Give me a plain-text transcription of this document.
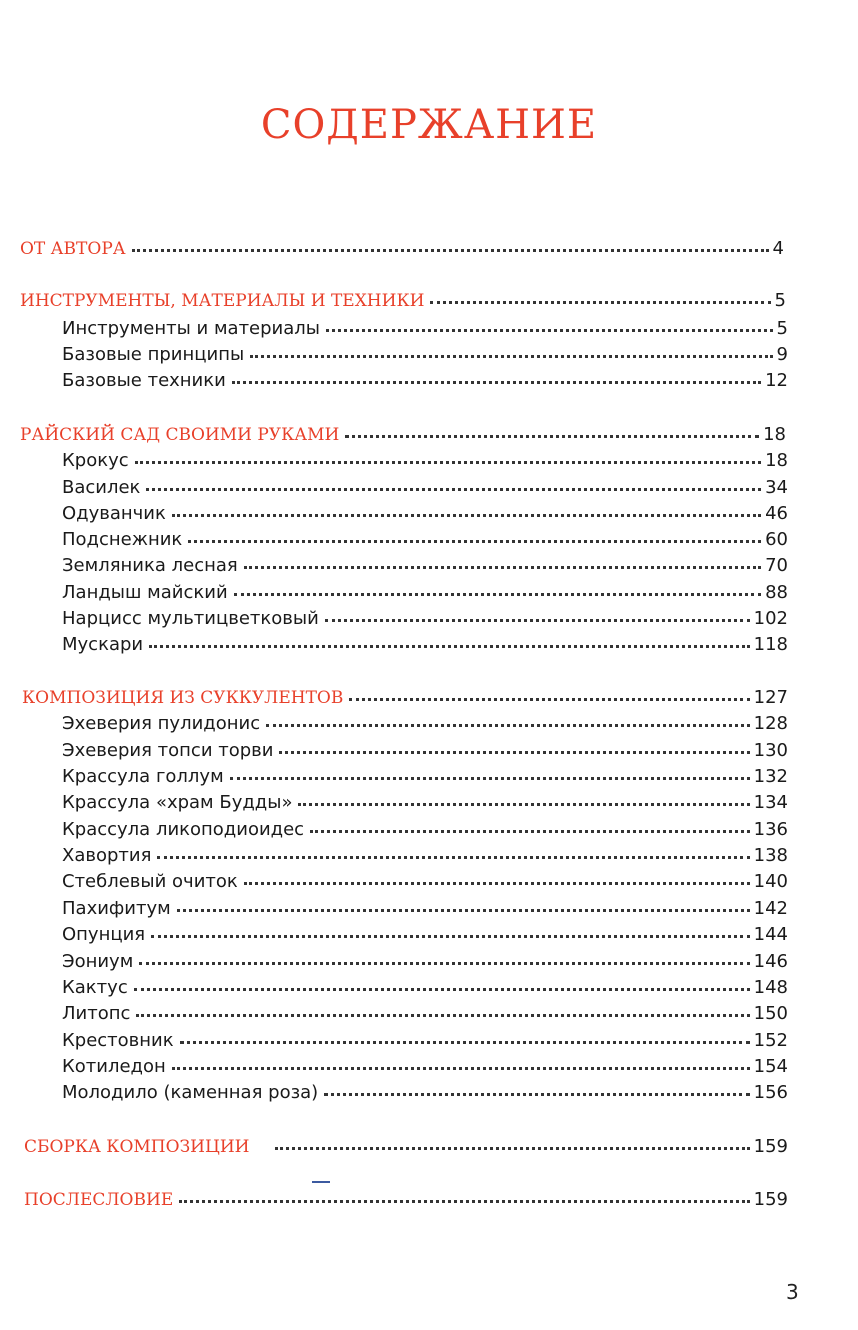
СОДЕРЖАНИЕ
ОТ АВТОРА	4
ИНСТРУМЕНТЫ, МАТЕРИАЛЫ И ТЕХНИКИ	5
Инструменты и материалы	5
Базовые принципы	9
Базовые техники	12
РАЙСКИЙ САД СВОИМИ РУКАМИ	18
Крокус	18
Василек	34
Одуванчик	46
Подснежник	60
Земляника лесная	70
Ландыш майский	88
Нарцисс мультицветковый	102
Мускари	118
КОМПОЗИЦИЯ ИЗ СУККУЛЕНТОВ	127
Эхеверия пулидонис	128
Эхеверия топси торви	130
Крассула голлум	132
Крассула «храм Будды»	134
Крассула ликоподиоидес	136
Хавортия	138
Стеблевый очиток	140
Пахифитум	142
Опунция	144
Эониум	146
Кактус	148
Литопс	150
Крестовник	152
Котиледон	154
Молодило (каменная роза)	156
СБОРКА КОМПОЗИЦИИ	159
ПОСЛЕСЛОВИЕ	159
3
